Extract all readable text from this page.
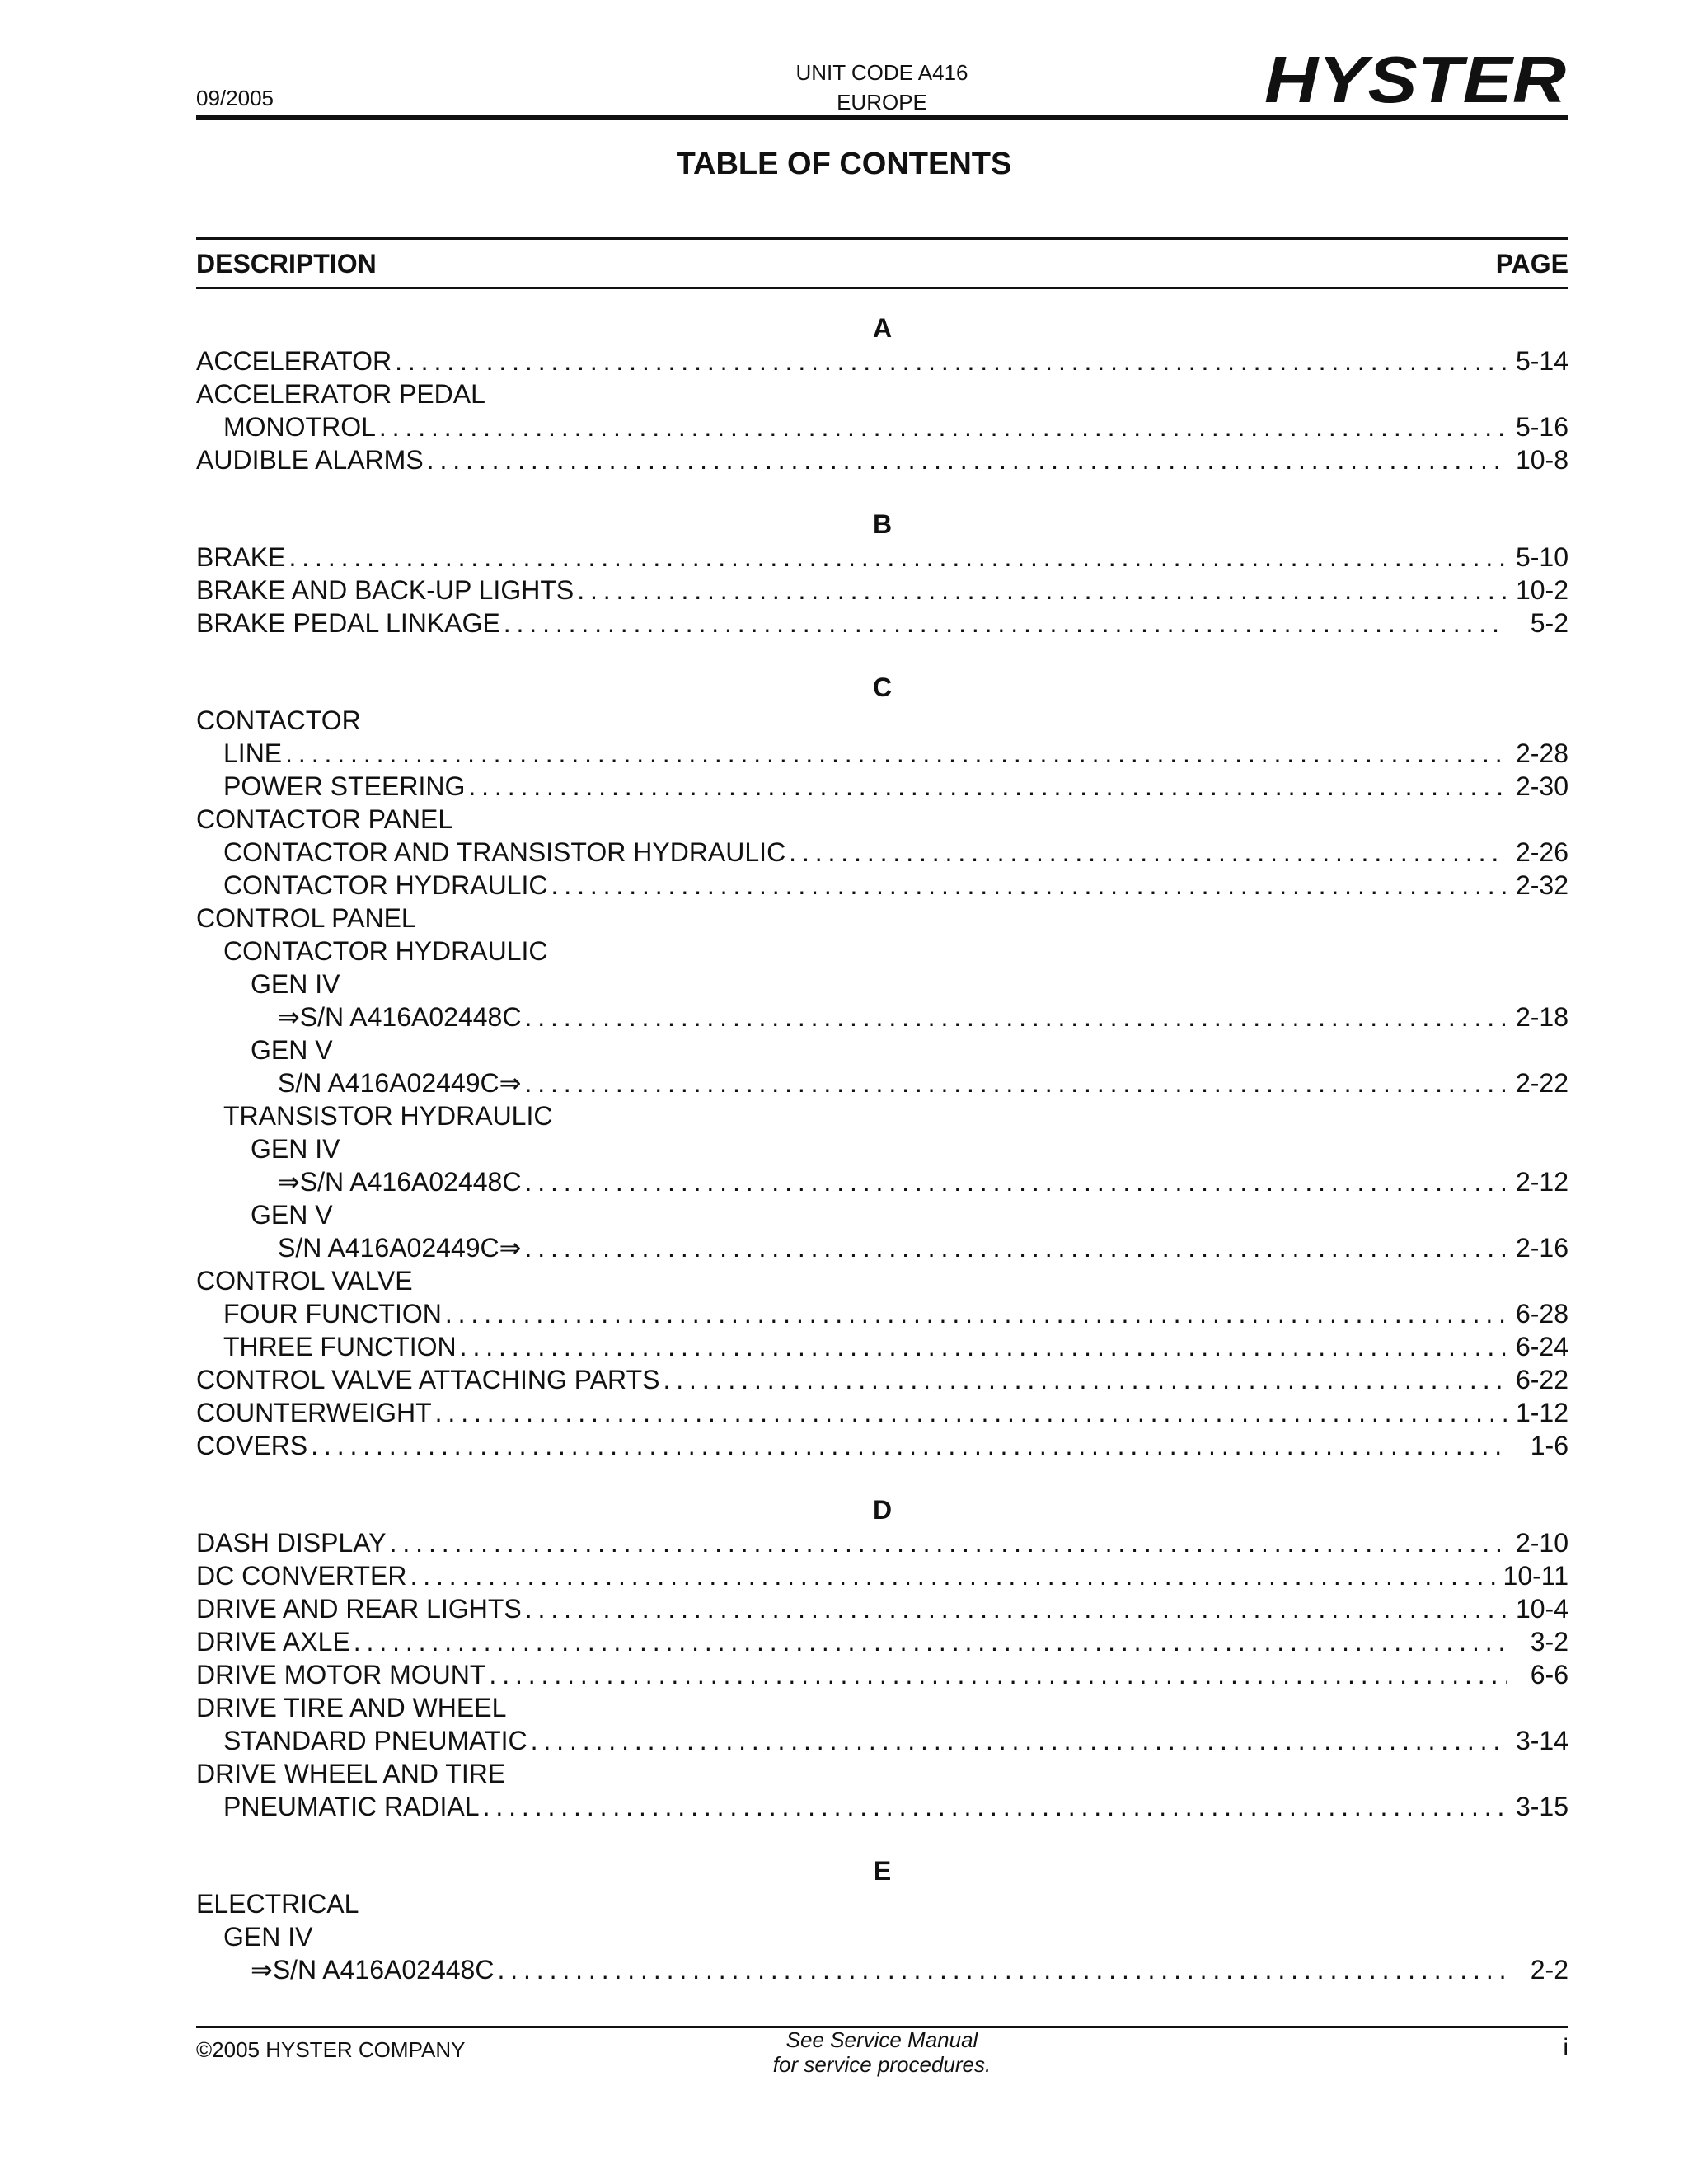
09/2005
UNIT CODE A416
EUROPE	HYSTER
TABLE OF CONTENTS
DESCRIPTION	PAGE
A
ACCELERATOR . . .	5-14
ACCELERATOR PEDAL
MONOTROL . . .	5-16
AUDIBLE ALARMS . . .	10-8
B
BRAKE . . .	5-10
BRAKE AND BACK-UP LIGHTS . . .	10-2
BRAKE PEDAL LINKAGE . . .	5-2
C
CONTACTOR
LINE . . .	2-28
POWER STEERING . . .	2-30
CONTACTOR PANEL
CONTACTOR AND TRANSISTOR HYDRAULIC . . .	2-26
CONTACTOR HYDRAULIC . . .	2-32
CONTROL PANEL
CONTACTOR HYDRAULIC
GEN IV
⇒S/N A416A02448C . . .	2-18
GEN V
S/N A416A02449C⇒ . . .	2-22
TRANSISTOR HYDRAULIC
GEN IV
⇒S/N A416A02448C . . .	2-12
GEN V
S/N A416A02449C⇒ . . .	2-16
CONTROL VALVE
FOUR FUNCTION . . .	6-28
THREE FUNCTION . . .	6-24
CONTROL VALVE ATTACHING PARTS . . .	6-22
COUNTERWEIGHT . . .	1-12
COVERS . . .	1-6
D
DASH DISPLAY . . .	2-10
DC CONVERTER . . .	10-11
DRIVE AND REAR LIGHTS . . .	10-4
DRIVE AXLE . . .	3-2
DRIVE MOTOR MOUNT . . .	6-6
DRIVE TIRE AND WHEEL
STANDARD PNEUMATIC . . .	3-14
DRIVE WHEEL AND TIRE
PNEUMATIC RADIAL . . .	3-15
E
ELECTRICAL
GEN IV
⇒S/N A416A02448C . . .	2-2
©2005 HYSTER COMPANY	See Service Manual
for service procedures.
i
